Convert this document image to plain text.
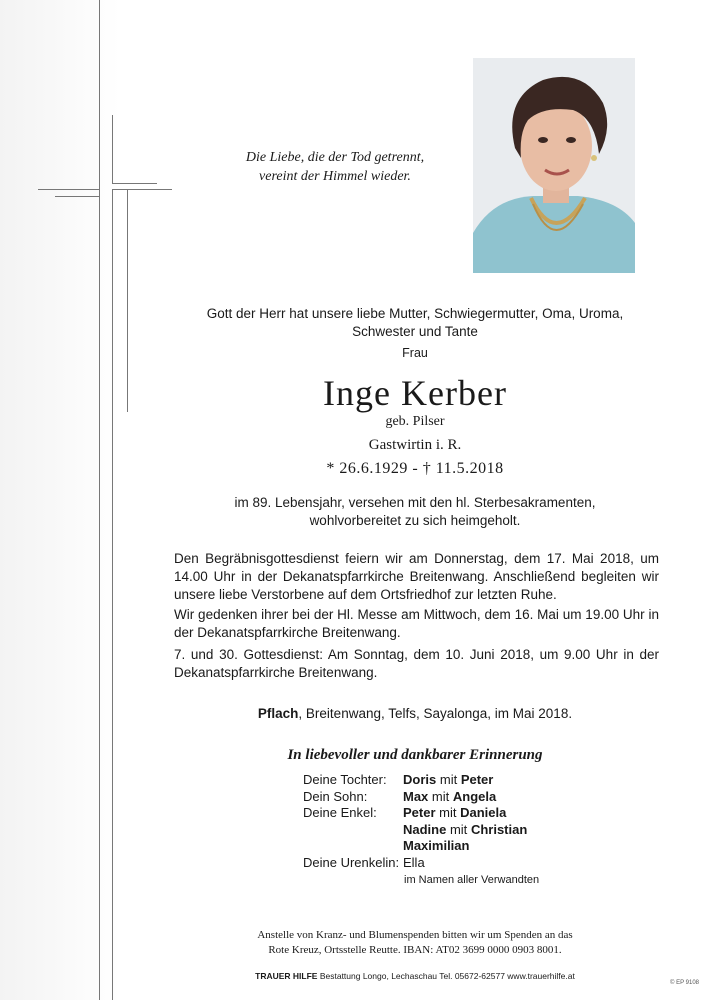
Die Liebe, die der Tod getrennt,
vereint der Himmel wieder.
Gott der Herr hat unsere liebe Mutter, Schwiegermutter, Oma, Uroma,
Schwester und Tante
Frau
Inge Kerber
geb. Pilser
Gastwirtin i. R.
* 26.6.1929 - † 11.5.2018
im 89. Lebensjahr, versehen mit den hl. Sterbesakramenten,
wohlvorbereitet zu sich heimgeholt.
Den Begräbnisgottesdienst feiern wir am Donnerstag, dem 17. Mai 2018, um 14.00 Uhr in der Dekanatspfarrkirche Breitenwang. Anschließend begleiten wir unsere liebe Verstorbene auf dem Ortsfriedhof zur letzten Ruhe.
Wir gedenken ihrer bei der Hl. Messe am Mittwoch, dem 16. Mai um 19.00 Uhr in der Dekanatspfarrkirche Breitenwang.
7. und 30. Gottesdienst: Am Sonntag, dem 10. Juni 2018, um 9.00 Uhr in der Dekanatspfarrkirche Breitenwang.
Pflach, Breitenwang, Telfs, Sayalonga, im Mai 2018.
In liebevoller und dankbarer Erinnerung
Deine Tochter:	Doris mit Peter
Dein Sohn:	Max mit Angela
Deine Enkel:	Peter mit Daniela
Nadine mit Christian
Maximilian
Deine Urenkelin: Ella
im Namen aller Verwandten
Anstelle von Kranz- und Blumenspenden bitten wir um Spenden an das
Rote Kreuz, Ortsstelle Reutte. IBAN: AT02 3699 0000 0903 8001.
TRAUER HILFE Bestattung Longo, Lechaschau Tel. 05672-62577 www.trauerhilfe.at
© EP 9108
